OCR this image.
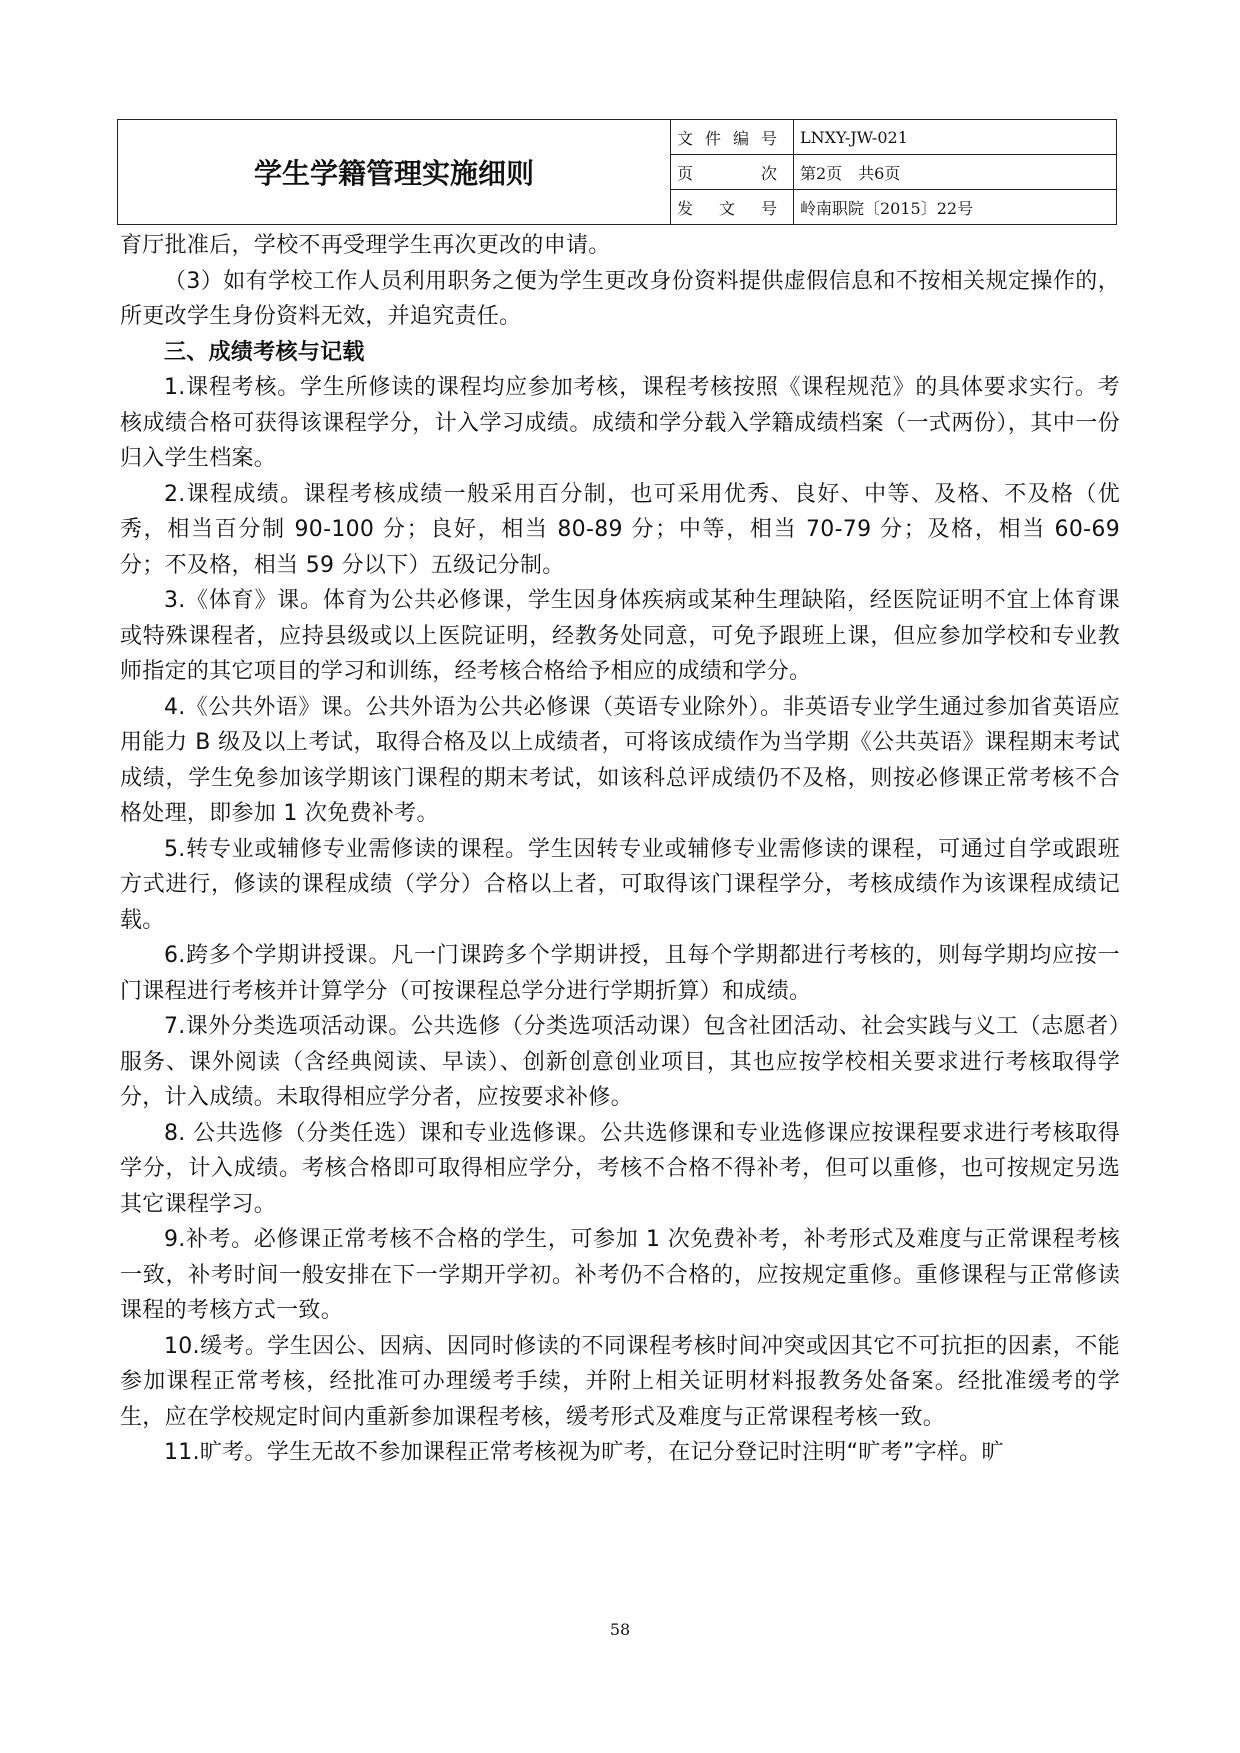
学生学籍管理实施细则	文件编号	LNXY-JW-021
	页次	第2页　共6页
	发文号	岭南职院〔2015〕22号

育厅批准后，学校不再受理学生再次更改的申请。

（3）如有学校工作人员利用职务之便为学生更改身份资料提供虚假信息和不按相关规定操作的，所更改学生身份资料无效，并追究责任。

三、成绩考核与记载

1.课程考核。学生所修读的课程均应参加考核，课程考核按照《课程规范》的具体要求实行。考核成绩合格可获得该课程学分，计入学习成绩。成绩和学分载入学籍成绩档案（一式两份），其中一份归入学生档案。

2.课程成绩。课程考核成绩一般采用百分制，也可采用优秀、良好、中等、及格、不及格（优秀，相当百分制 90-100 分；良好，相当 80-89 分；中等，相当 70-79 分；及格，相当 60-69 分；不及格，相当 59 分以下）五级记分制。

3.《体育》课。体育为公共必修课，学生因身体疾病或某种生理缺陷，经医院证明不宜上体育课或特殊课程者，应持县级或以上医院证明，经教务处同意，可免予跟班上课，但应参加学校和专业教师指定的其它项目的学习和训练，经考核合格给予相应的成绩和学分。

4.《公共外语》课。公共外语为公共必修课（英语专业除外）。非英语专业学生通过参加省英语应用能力 B 级及以上考试，取得合格及以上成绩者，可将该成绩作为当学期《公共英语》课程期末考试成绩，学生免参加该学期该门课程的期末考试，如该科总评成绩仍不及格，则按必修课正常考核不合格处理，即参加 1 次免费补考。

5.转专业或辅修专业需修读的课程。学生因转专业或辅修专业需修读的课程，可通过自学或跟班方式进行，修读的课程成绩（学分）合格以上者，可取得该门课程学分，考核成绩作为该课程成绩记载。

6.跨多个学期讲授课。凡一门课跨多个学期讲授，且每个学期都进行考核的，则每学期均应按一门课程进行考核并计算学分（可按课程总学分进行学期折算）和成绩。

7.课外分类选项活动课。公共选修（分类选项活动课）包含社团活动、社会实践与义工（志愿者）服务、课外阅读（含经典阅读、早读）、创新创意创业项目，其也应按学校相关要求进行考核取得学分，计入成绩。未取得相应学分者，应按要求补修。

8. 公共选修（分类任选）课和专业选修课。公共选修课和专业选修课应按课程要求进行考核取得学分，计入成绩。考核合格即可取得相应学分，考核不合格不得补考，但可以重修，也可按规定另选其它课程学习。

9.补考。必修课正常考核不合格的学生，可参加 1 次免费补考，补考形式及难度与正常课程考核一致，补考时间一般安排在下一学期开学初。补考仍不合格的，应按规定重修。重修课程与正常修读课程的考核方式一致。

10.缓考。学生因公、因病、因同时修读的不同课程考核时间冲突或因其它不可抗拒的因素，不能参加课程正常考核，经批准可办理缓考手续，并附上相关证明材料报教务处备案。经批准缓考的学生，应在学校规定时间内重新参加课程考核，缓考形式及难度与正常课程考核一致。

11.旷考。学生无故不参加课程正常考核视为旷考，在记分登记时注明“旷考”字样。旷

58
